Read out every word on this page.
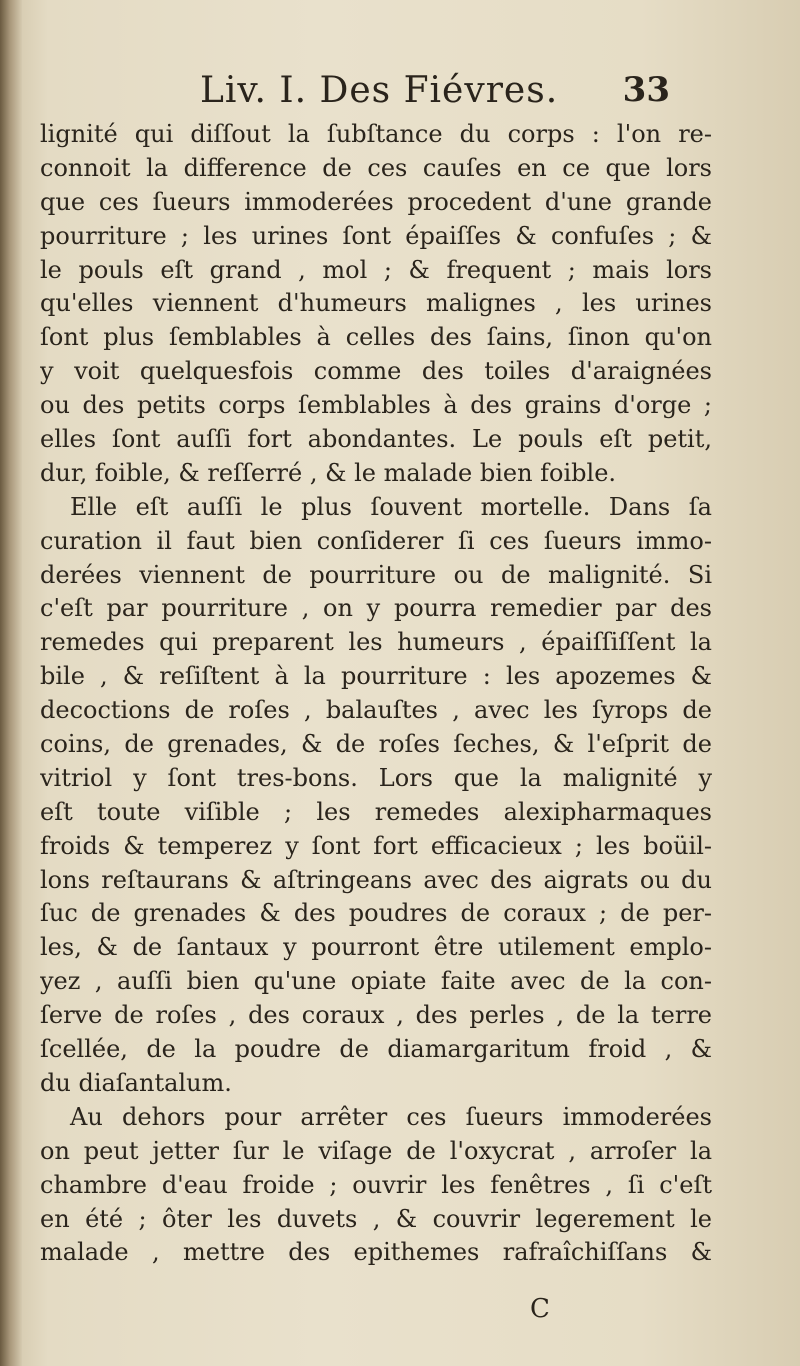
Liv. I. Des Fiévres. 33
lignité qui diſſout la ſubſtance du corps : l'on re-
connoit la difference de ces cauſes en ce que lors
que ces ſueurs immoderées procedent d'une grande
pourriture ; les urines ſont épaiſſes & confuſes ; &
le pouls eſt grand , mol ; & frequent ; mais lors
qu'elles viennent d'humeurs malignes , les urines
ſont plus ſemblables à celles des ſains, ſinon qu'on
y voit quelquesfois comme des toiles d'araignées
ou des petits corps ſemblables à des grains d'orge ;
elles ſont auſſi fort abondantes. Le pouls eſt petit,
dur, foible, & reſſerré , & le malade bien foible.
Elle eſt auſſi le plus ſouvent mortelle. Dans ſa
curation il faut bien conſiderer ſi ces ſueurs immo-
derées viennent de pourriture ou de malignité. Si
c'eſt par pourriture , on y pourra remedier par des
remedes qui preparent les humeurs , épaiſſiſſent la
bile , & reſiſtent à la pourriture : les apozemes &
decoctions de roſes , balauſtes , avec les ſyrops de
coins, de grenades, & de roſes ſeches, & l'eſprit de
vitriol y ſont tres-bons. Lors que la malignité y
eſt toute viſible ; les remedes alexipharmaques
froids & temperez y ſont fort efficacieux ; les boüil-
lons reſtaurans & aſtringeans avec des aigrats ou du
ſuc de grenades & des poudres de coraux ; de per-
les, & de ſantaux y pourront être utilement emplo-
yez , auſſi bien qu'une opiate faite avec de la con-
ſerve de roſes , des coraux , des perles , de la terre
ſcellée, de la poudre de diamargaritum froid , &
du diaſantalum.
Au dehors pour arrêter ces ſueurs immoderées
on peut jetter ſur le viſage de l'oxycrat , arroſer la
chambre d'eau froide ; ouvrir les fenêtres , ſi c'eſt
en été ; ôter les duvets , & couvrir legerement le
malade , mettre des epithemes rafraîchiſſans &
C
